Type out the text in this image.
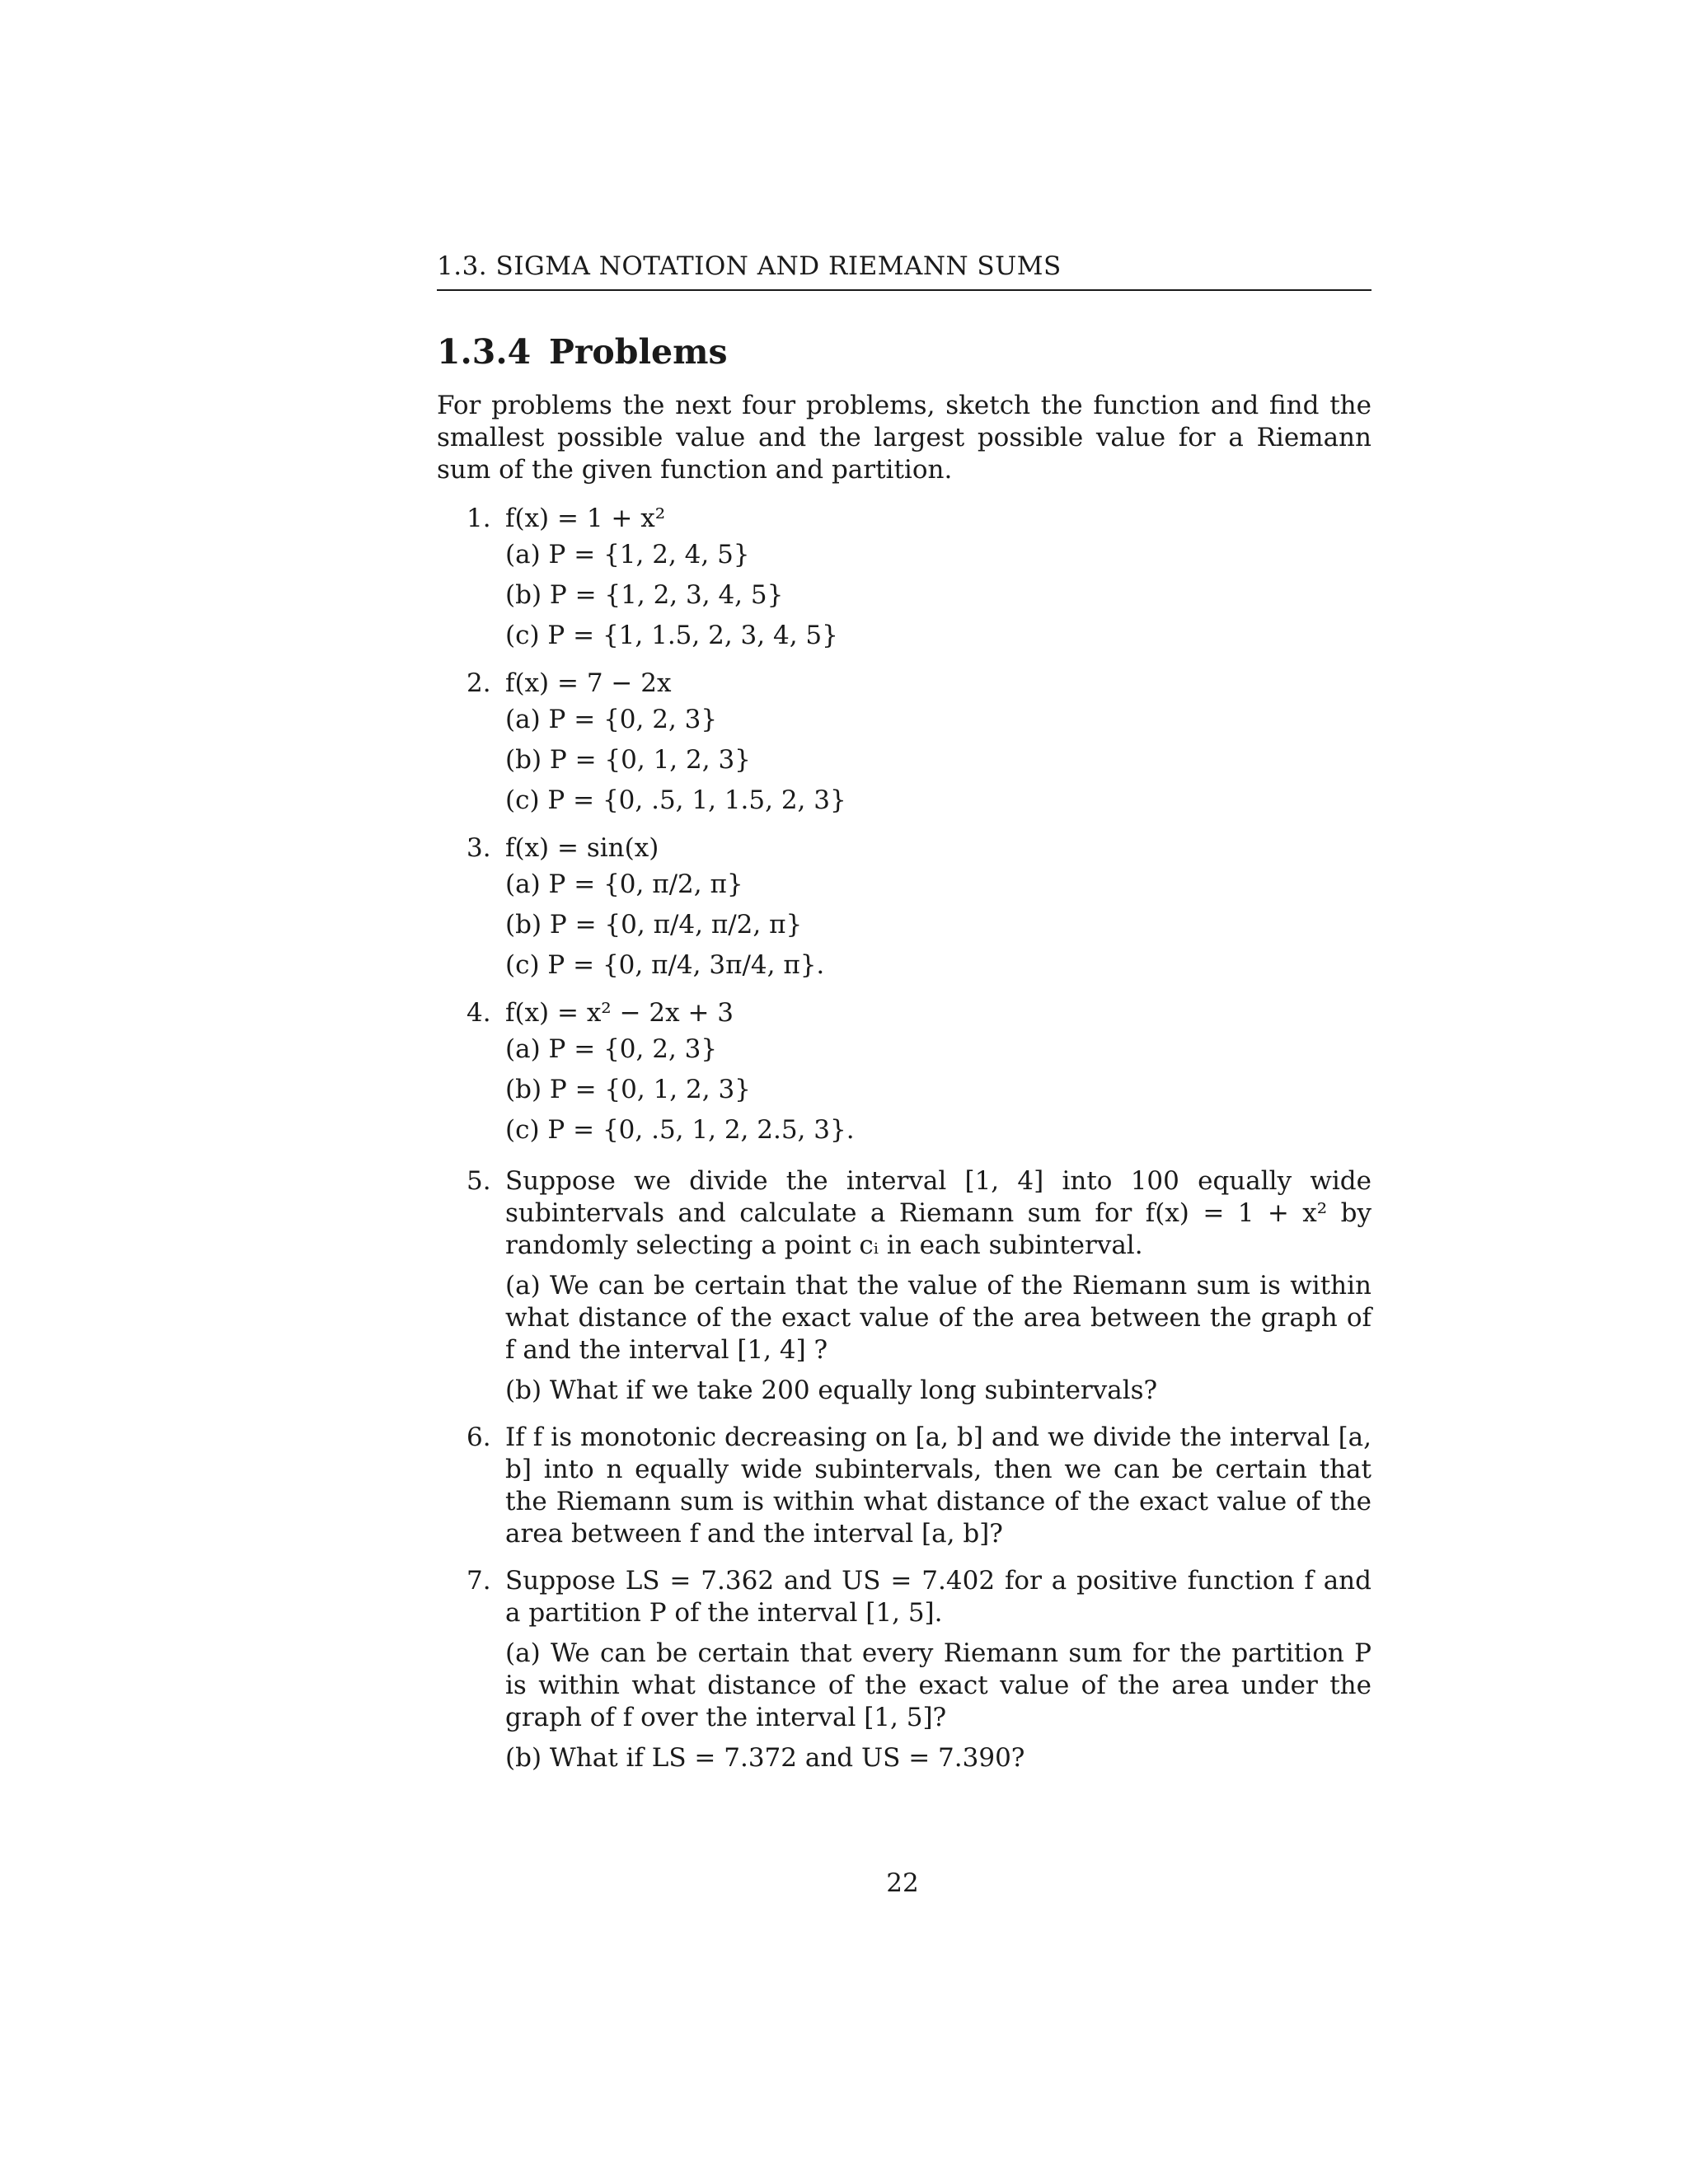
1.3. SIGMA NOTATION AND RIEMANN SUMS
1.3.4 Problems
For problems the next four problems, sketch the function and find the smallest possible value and the largest possible value for a Riemann sum of the given function and partition.
1. f(x) = 1 + x²
(a) P = {1, 2, 4, 5}
(b) P = {1, 2, 3, 4, 5}
(c) P = {1, 1.5, 2, 3, 4, 5}
2. f(x) = 7 − 2x
(a) P = {0, 2, 3}
(b) P = {0, 1, 2, 3}
(c) P = {0, .5, 1, 1.5, 2, 3}
3. f(x) = sin(x)
(a) P = {0, π/2, π}
(b) P = {0, π/4, π/2, π}
(c) P = {0, π/4, 3π/4, π}.
4. f(x) = x² − 2x + 3
(a) P = {0, 2, 3}
(b) P = {0, 1, 2, 3}
(c) P = {0, .5, 1, 2, 2.5, 3}.
5. Suppose we divide the interval [1, 4] into 100 equally wide subintervals and calculate a Riemann sum for f(x) = 1 + x² by randomly selecting a point cᵢ in each subinterval.
(a) We can be certain that the value of the Riemann sum is within what distance of the exact value of the area between the graph of f and the interval [1, 4] ?
(b) What if we take 200 equally long subintervals?
6. If f is monotonic decreasing on [a, b] and we divide the interval [a, b] into n equally wide subintervals, then we can be certain that the Riemann sum is within what distance of the exact value of the area between f and the interval [a, b]?
7. Suppose LS = 7.362 and US = 7.402 for a positive function f and a partition P of the interval [1, 5].
(a) We can be certain that every Riemann sum for the partition P is within what distance of the exact value of the area under the graph of f over the interval [1, 5]?
(b) What if LS = 7.372 and US = 7.390?
22
